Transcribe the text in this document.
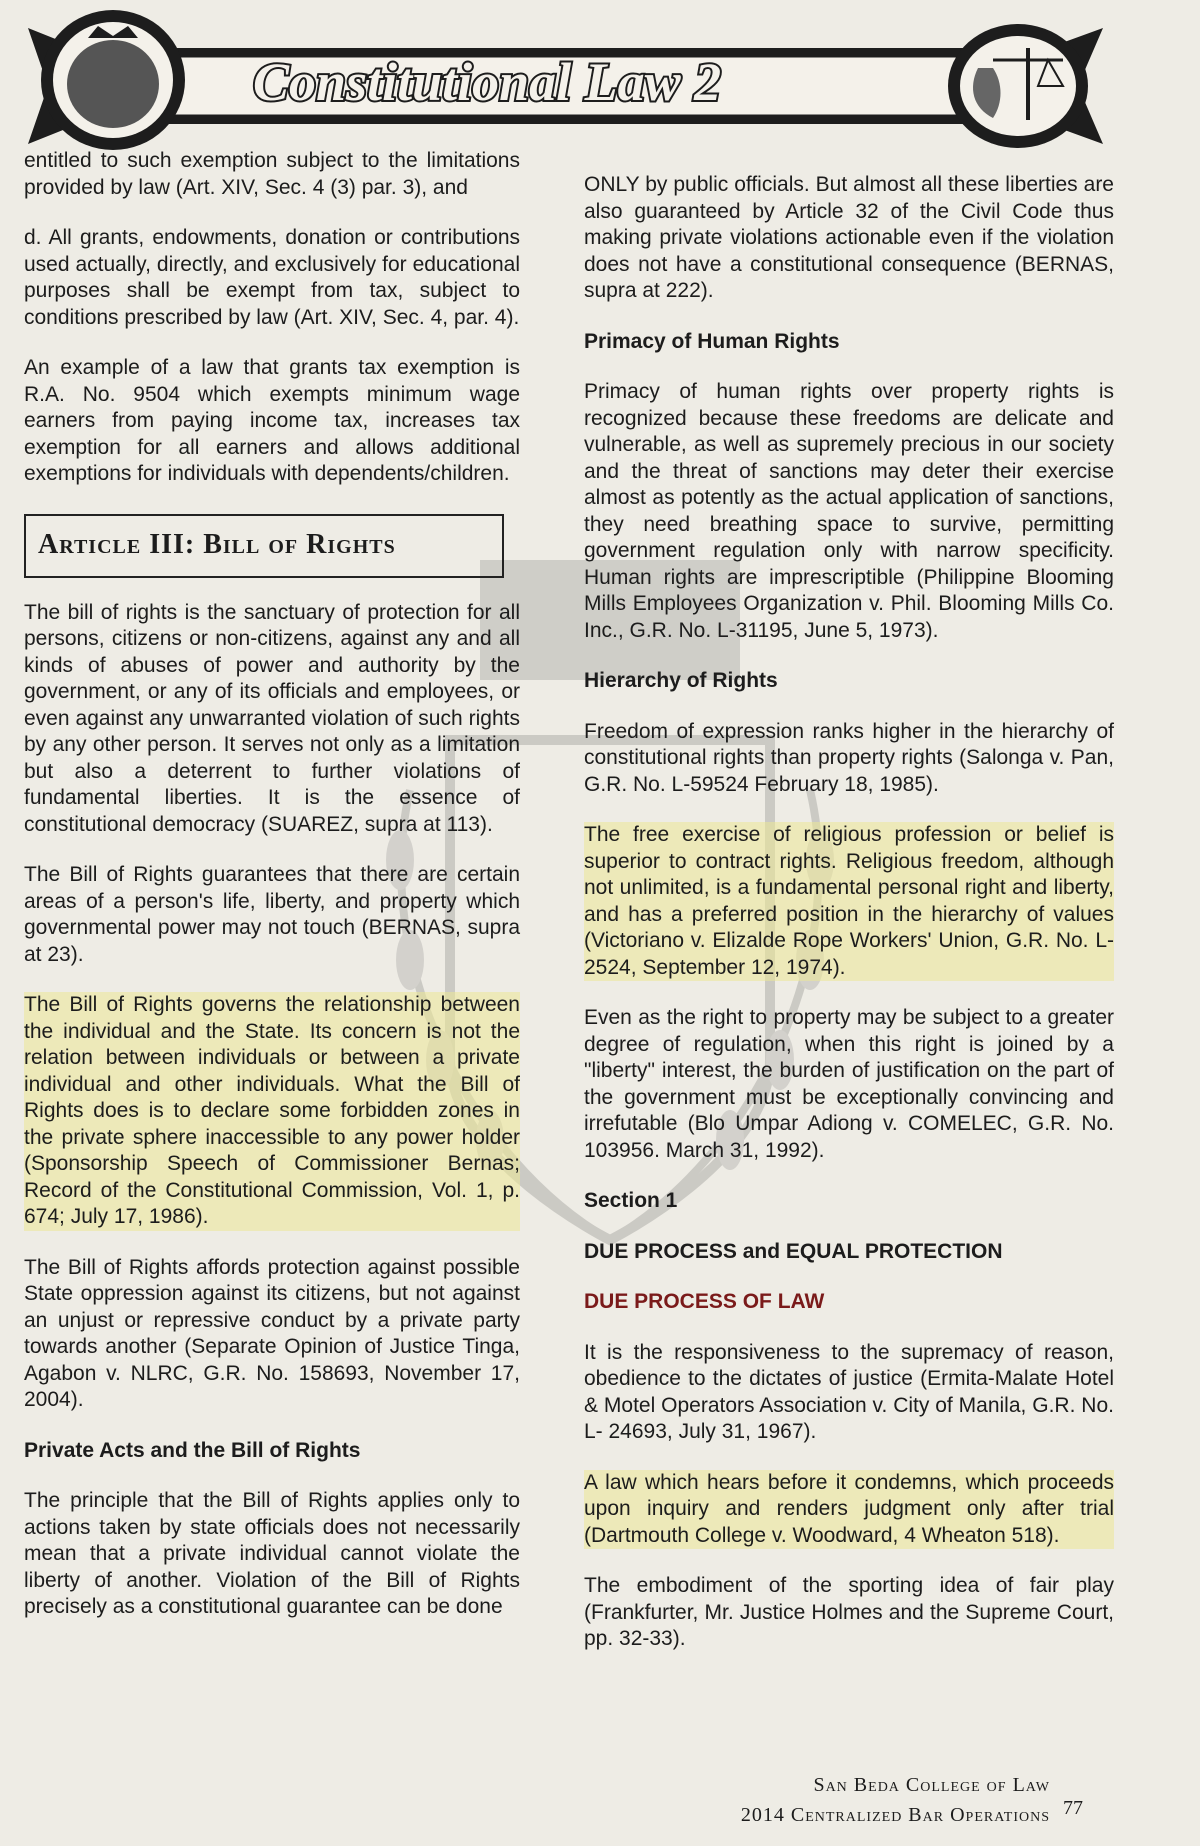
Constitutional Law 2

entitled to such exemption subject to the limitations provided by law (Art. XIV, Sec. 4 (3) par. 3), and

d. All grants, endowments, donation or contributions used actually, directly, and exclusively for educational purposes shall be exempt from tax, subject to conditions prescribed by law (Art. XIV, Sec. 4, par. 4).

An example of a law that grants tax exemption is R.A. No. 9504 which exempts minimum wage earners from paying income tax, increases tax exemption for all earners and allows additional exemptions for individuals with dependents/children.

Article III: Bill of Rights

The bill of rights is the sanctuary of protection for all persons, citizens or non-citizens, against any and all kinds of abuses of power and authority by the government, or any of its officials and employees, or even against any unwarranted violation of such rights by any other person. It serves not only as a limitation but also a deterrent to further violations of fundamental liberties. It is the essence of constitutional democracy (SUAREZ, supra at 113).

The Bill of Rights guarantees that there are certain areas of a person's life, liberty, and property which governmental power may not touch (BERNAS, supra at 23).

The Bill of Rights governs the relationship between the individual and the State. Its concern is not the relation between individuals or between a private individual and other individuals. What the Bill of Rights does is to declare some forbidden zones in the private sphere inaccessible to any power holder (Sponsorship Speech of Commissioner Bernas; Record of the Constitutional Commission, Vol. 1, p. 674; July 17, 1986).

The Bill of Rights affords protection against possible State oppression against its citizens, but not against an unjust or repressive conduct by a private party towards another (Separate Opinion of Justice Tinga, Agabon v. NLRC, G.R. No. 158693, November 17, 2004).

Private Acts and the Bill of Rights

The principle that the Bill of Rights applies only to actions taken by state officials does not necessarily mean that a private individual cannot violate the liberty of another. Violation of the Bill of Rights precisely as a constitutional guarantee can be done

ONLY by public officials. But almost all these liberties are also guaranteed by Article 32 of the Civil Code thus making private violations actionable even if the violation does not have a constitutional consequence (BERNAS, supra at 222).

Primacy of Human Rights

Primacy of human rights over property rights is recognized because these freedoms are delicate and vulnerable, as well as supremely precious in our society and the threat of sanctions may deter their exercise almost as potently as the actual application of sanctions, they need breathing space to survive, permitting government regulation only with narrow specificity. Human rights are imprescriptible (Philippine Blooming Mills Employees Organization v. Phil. Blooming Mills Co. Inc., G.R. No. L-31195, June 5, 1973).

Hierarchy of Rights

Freedom of expression ranks higher in the hierarchy of constitutional rights than property rights (Salonga v. Pan, G.R. No. L-59524 February 18, 1985).

The free exercise of religious profession or belief is superior to contract rights. Religious freedom, although not unlimited, is a fundamental personal right and liberty, and has a preferred position in the hierarchy of values (Victoriano v. Elizalde Rope Workers' Union, G.R. No. L-2524, September 12, 1974).

Even as the right to property may be subject to a greater degree of regulation, when this right is joined by a "liberty" interest, the burden of justification on the part of the government must be exceptionally convincing and irrefutable (Blo Umpar Adiong v. COMELEC, G.R. No. 103956. March 31, 1992).

Section 1

DUE PROCESS and EQUAL PROTECTION

DUE PROCESS OF LAW

It is the responsiveness to the supremacy of reason, obedience to the dictates of justice (Ermita-Malate Hotel & Motel Operators Association v. City of Manila, G.R. No. L- 24693, July 31, 1967).

A law which hears before it condemns, which proceeds upon inquiry and renders judgment only after trial (Dartmouth College v. Woodward, 4 Wheaton 518).

The embodiment of the sporting idea of fair play (Frankfurter, Mr. Justice Holmes and the Supreme Court, pp. 32-33).

San Beda College of Law
2014 Centralized Bar Operations 77
